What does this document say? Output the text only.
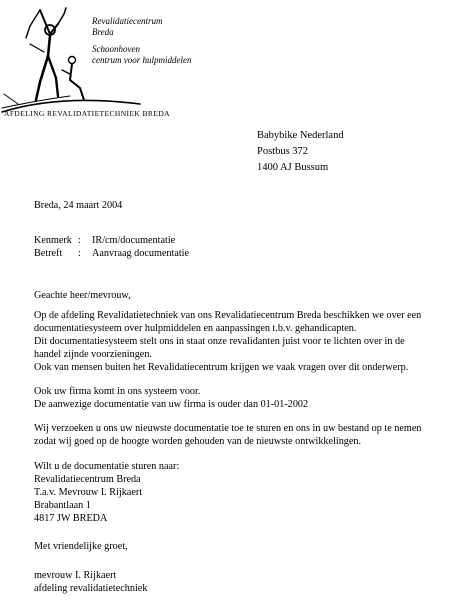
Revalidatiecentrum
Breda
Schoonhoven
centrum voor hulpmiddelen
AFDELING REVALIDATIETECHNIEK BREDA
Babybike Nederland
Postbus 372
1400 AJ Bussum
Breda, 24 maart 2004
Kenmerk : IR/cm/documentatie
Betreft : Aanvraag documentatie
Geachte heer/mevrouw,
Op de afdeling Revalidatietechniek van ons Revalidatiecentrum Breda beschikken we over een
documentatiesysteem over hulpmiddelen en aanpassingen t.b.v. gehandicapten.
Dit documentatiesysteem stelt ons in staat onze revalidanten juist voor te lichten over in de
handel zijnde voorzieningen.
Ook van mensen buiten het Revalidatiecentrum krijgen we vaak vragen over dit onderwerp.
Ook uw firma komt in ons systeem voor.
De aanwezige documentatie van uw firma is ouder dan 01-01-2002
Wij verzoeken u ons uw nieuwste documentatie toe te sturen en ons in uw bestand op te nemen
zodat wij goed op de hoogte worden gehouden van de nieuwste ontwikkelingen.
Wilt u de documentatie sturen naar:
Revalidatiecentrum Breda
T.a.v. Mevrouw I. Rijkaert
Brabantlaan 1
4817 JW BREDA
Met vriendelijke groet,
mevrouw I. Rijkaert
afdeling revalidatietechniek
